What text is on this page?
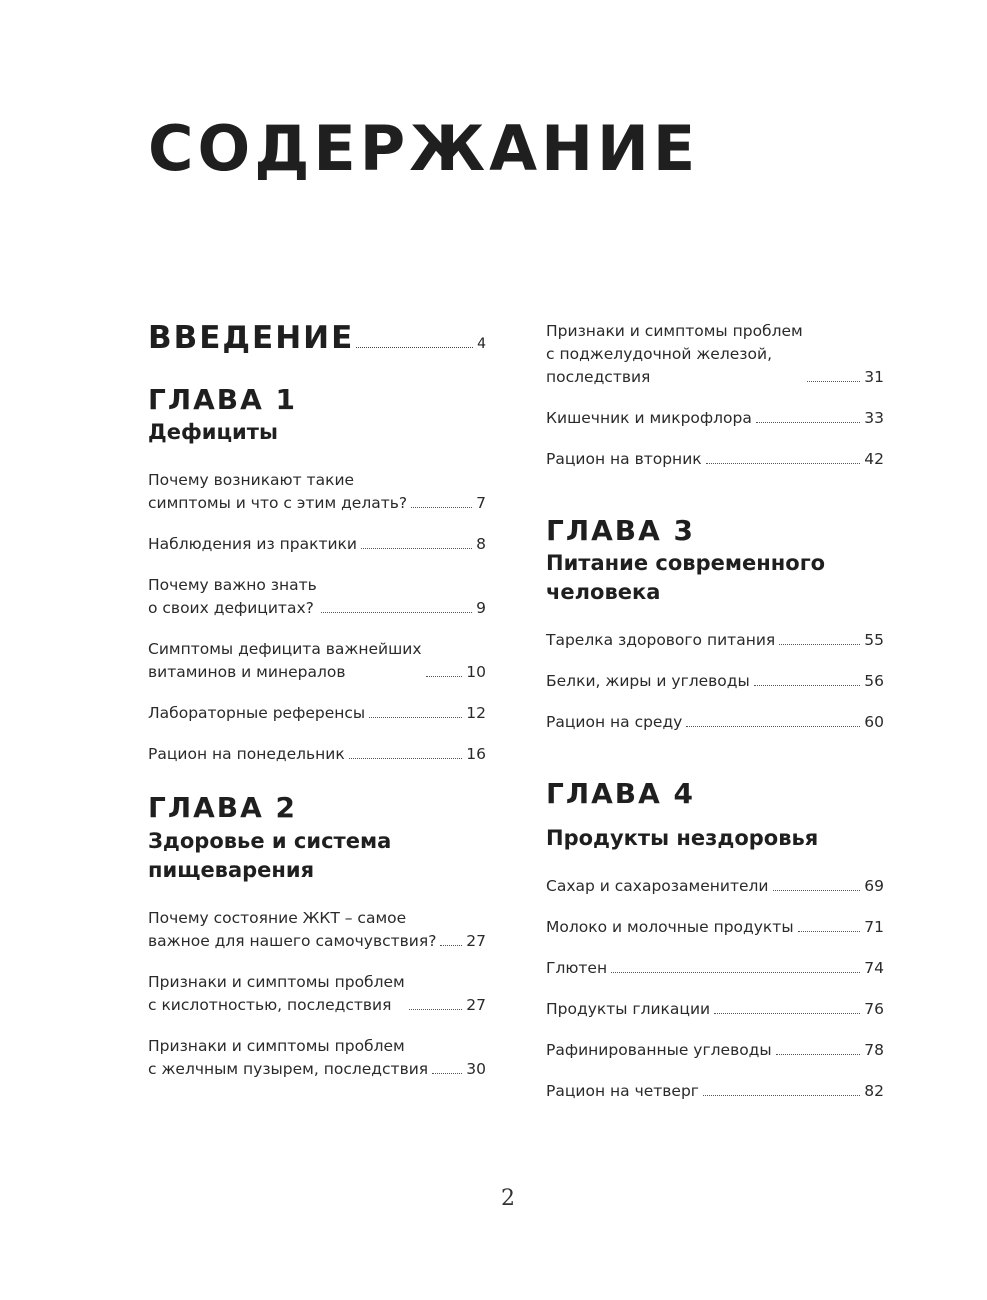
СОДЕРЖАНИЕ
ВВЕДЕНИЕ	4

ГЛАВА 1

Дефициты

Почему возникают такие
симптомы и что с этим делать?	7
Наблюдения из практики	8
Почему важно знать
о своих дефицитах?	9
Симптомы дефицита важнейших
витаминов и минералов	10
Лабораторные референсы	12
Рацион на понедельник	16

ГЛАВА 2

Здоровье и система
пищеварения

Почему состояние ЖКТ – самое
важное для нашего самочувствия? 27
Признаки и симптомы проблем
с кислотностью, последствия	27
Признаки и симптомы проблем
с желчным пузырем, последствия 30
Признаки и симптомы проблем
с поджелудочной железой,
последствия	31
Кишечник и микрофлора	33
Рацион на вторник	42

ГЛАВА 3

Питание современного
человека

Тарелка здорового питания	55
Белки, жиры и углеводы	56
Рацион на среду	60

ГЛАВА 4

Продукты нездоровья

Сахар и сахарозаменители	69
Молоко и молочные продукты	71
Глютен	74
Продукты гликации	76
Рафинированные углеводы	78
Рацион на четверг	82
2
